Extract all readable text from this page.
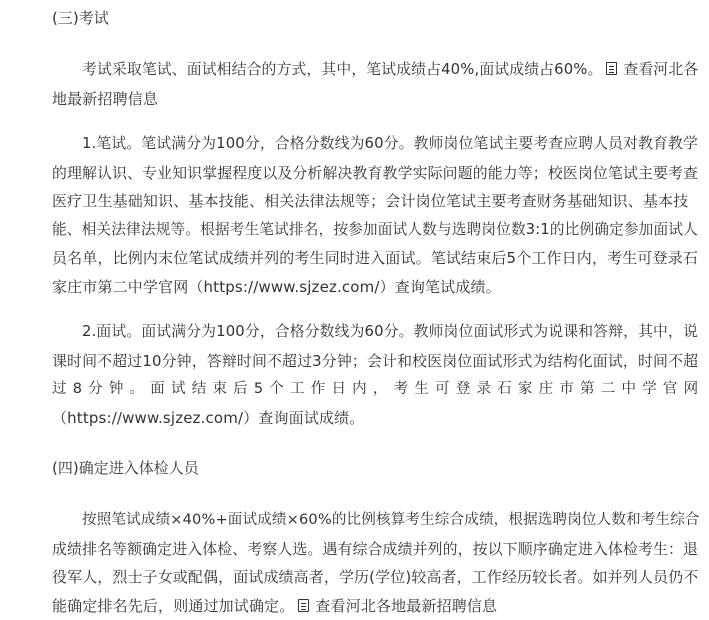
(三)考试
考试采取笔试、面试相结合的方式，其中，笔试成绩占40%,面试成绩占60%。 查看河北各
地最新招聘信息
1.笔试。笔试满分为100分，合格分数线为60分。教师岗位笔试主要考查应聘人员对教育教学
的理解认识、专业知识掌握程度以及分析解决教育教学实际问题的能力等；校医岗位笔试主要考查
医疗卫生基础知识、基本技能、相关法律法规等；会计岗位笔试主要考查财务基础知识、基本技
能、相关法律法规等。根据考生笔试排名，按参加面试人数与选聘岗位数3:1的比例确定参加面试人
员名单，比例内末位笔试成绩并列的考生同时进入面试。笔试结束后5个工作日内，考生可登录石
家庄市第二中学官网（https://www.sjzez.com/）查询笔试成绩。
2.面试。面试满分为100分，合格分数线为60分。教师岗位面试形式为说课和答辩，其中，说
课时间不超过10分钟，答辩时间不超过3分钟；会计和校医岗位面试形式为结构化面试，时间不超
过8分钟。面试结束后5个工作日内，考生可登录石家庄市第二中学官网
（https://www.sjzez.com/）查询面试成绩。
(四)确定进入体检人员
按照笔试成绩×40%+面试成绩×60%的比例核算考生综合成绩，根据选聘岗位人数和考生综合
成绩排名等额确定进入体检、考察人选。遇有综合成绩并列的，按以下顺序确定进入体检考生：退
役军人，烈士子女或配偶，面试成绩高者，学历(学位)较高者，工作经历较长者。如并列人员仍不
能确定排名先后，则通过加试确定。 查看河北各地最新招聘信息
